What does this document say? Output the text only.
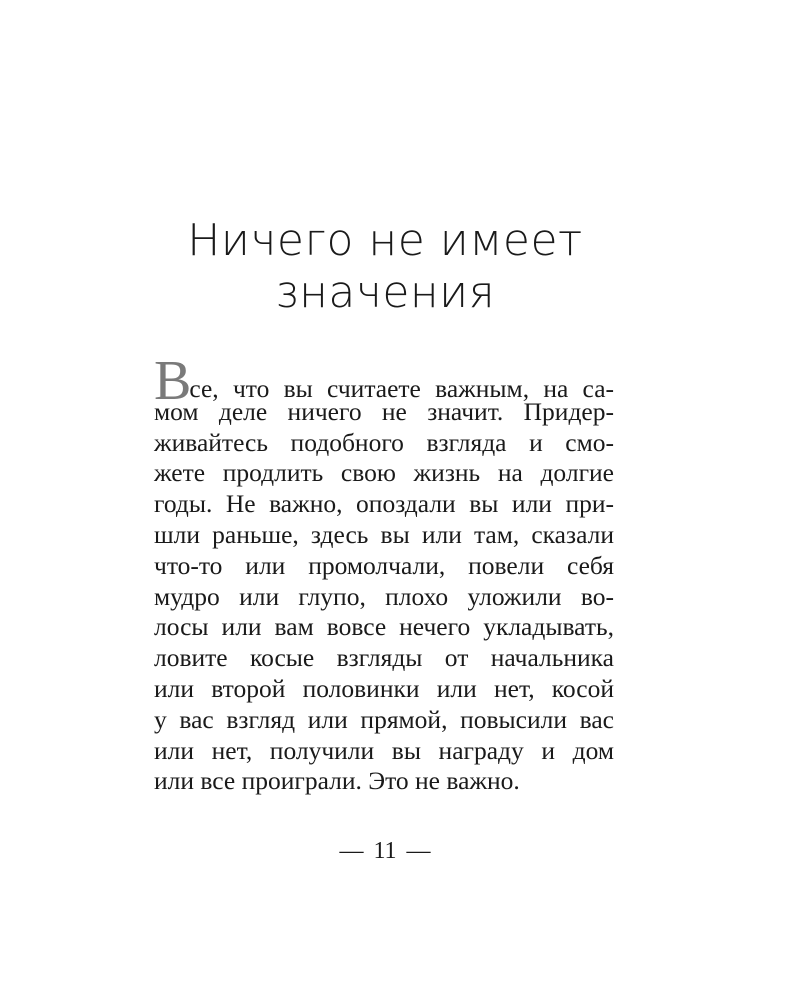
Ничего не имеет
значения
Все, что вы считаете важным, на са-
мом деле ничего не значит. Придер-
живайтесь подобного взгляда и смо-
жете продлить свою жизнь на долгие
годы. Не важно, опоздали вы или при-
шли раньше, здесь вы или там, сказали
что-то или промолчали, повели себя
мудро или глупо, плохо уложили во-
лосы или вам вовсе нечего укладывать,
ловите косые взгляды от начальника
или второй половинки или нет, косой
у вас взгляд или прямой, повысили вас
или нет, получили вы награду и дом
или все проиграли. Это не важно.
— 11 —
